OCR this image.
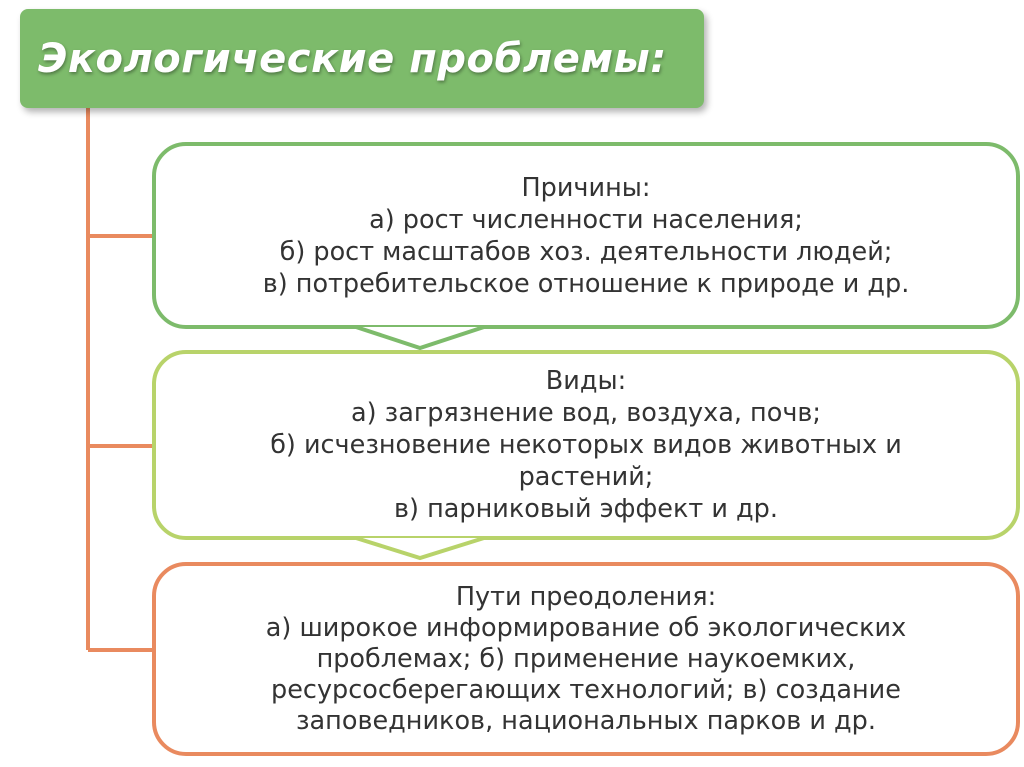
Экологические проблемы:
Причины:
а) рост численности населения;
б) рост масштабов хоз. деятельности людей;
в) потребительское отношение к природе и др.
Виды:
а) загрязнение вод, воздуха, почв;
б) исчезновение некоторых видов животных и
растений;
в) парниковый эффект и др.
Пути преодоления:
а) широкое информирование об экологических
проблемах; б) применение наукоемких,
ресурсосберегающих технологий; в) создание
заповедников, национальных парков и др.
